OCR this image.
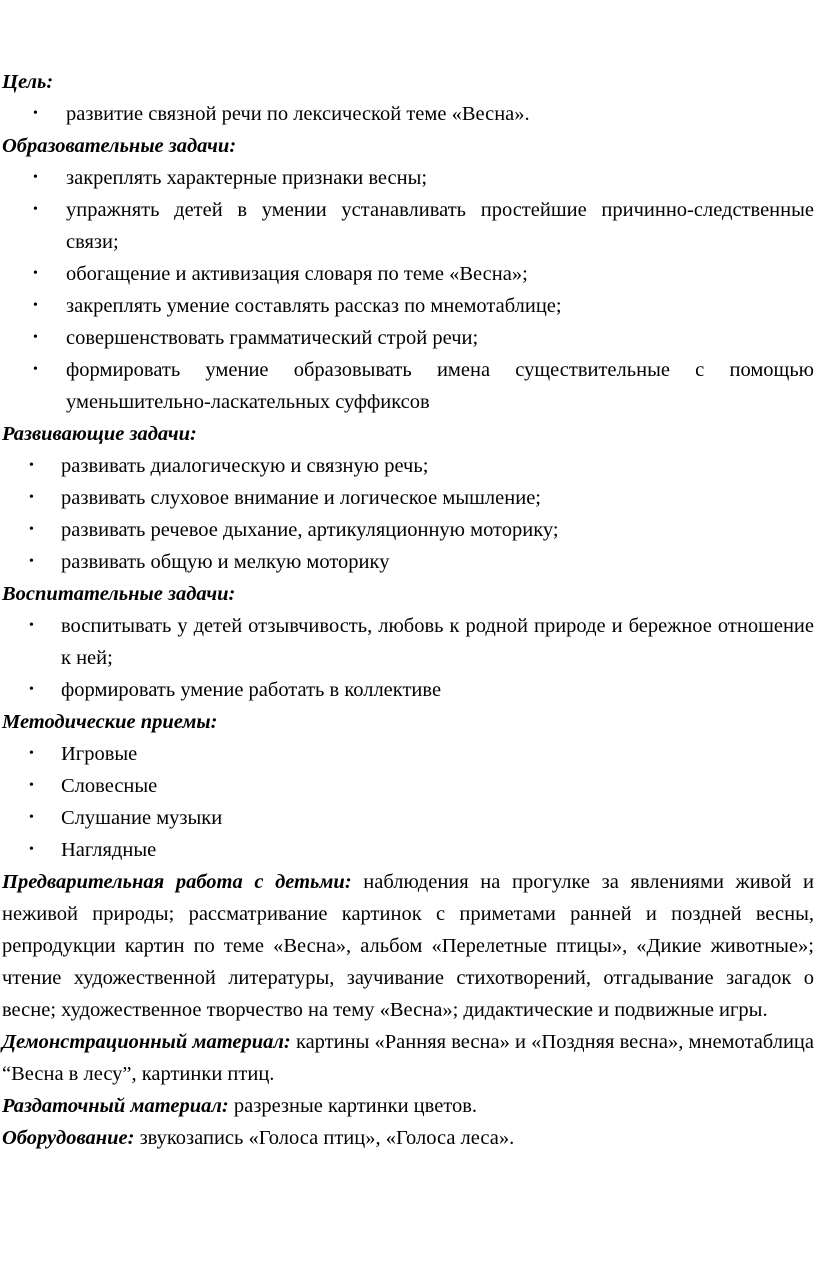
Цель:

• развитие связной речи по лексической теме «Весна».

Образовательные задачи:

• закреплять характерные признаки весны;
• упражнять детей в умении устанавливать простейшие причинно-следственные связи;
• обогащение и активизация словаря по теме «Весна»;
• закреплять умение составлять рассказ по мнемотаблице;
• совершенствовать грамматический строй речи;
• формировать умение образовывать имена существительные с помощью уменьшительно-ласкательных суффиксов

Развивающие задачи:

• развивать диалогическую и связную речь;
• развивать слуховое внимание и логическое мышление;
• развивать речевое дыхание, артикуляционную моторику;
• развивать общую и мелкую моторику

Воспитательные задачи:

• воспитывать у детей отзывчивость, любовь к родной природе и бережное отношение к ней;
• формировать умение работать в коллективе

Методические приемы:

• Игровые
• Словесные
• Слушание музыки
• Наглядные

Предварительная работа с детьми: наблюдения на прогулке за явлениями живой и неживой природы; рассматривание картинок с приметами ранней и поздней весны, репродукции картин по теме «Весна», альбом «Перелетные птицы», «Дикие животные»; чтение художественной литературы, заучивание стихотворений, отгадывание загадок о весне; художественное творчество на тему «Весна»; дидактические и подвижные игры.

Демонстрационный материал: картины «Ранняя весна» и «Поздняя весна», мнемотаблица “Весна в лесу”, картинки птиц.

Раздаточный материал: разрезные картинки цветов.

Оборудование: звукозапись «Голоса птиц», «Голоса леса».
